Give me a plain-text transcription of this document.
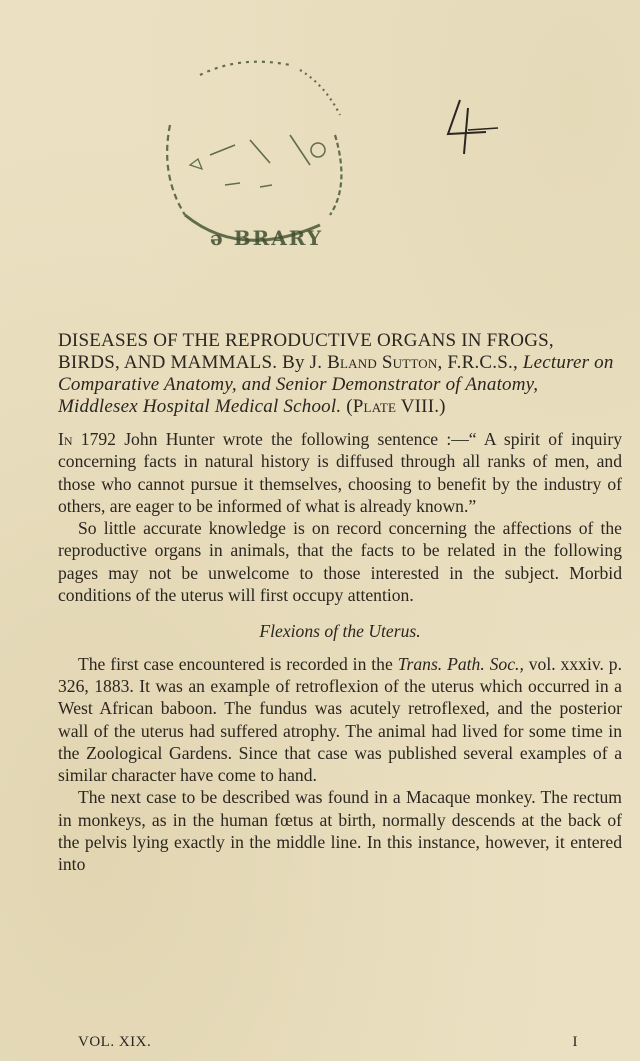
ǝ BRARY

DISEASES OF THE REPRODUCTIVE ORGANS IN FROGS, BIRDS, AND MAMMALS. By J. Bland Sutton, F.R.C.S., Lecturer on Comparative Anatomy, and Senior Demonstrator of Anatomy, Middlesex Hospital Medical School. (Plate VIII.)

In 1792 John Hunter wrote the following sentence :—“ A spirit of inquiry concerning facts in natural history is diffused through all ranks of men, and those who cannot pursue it themselves, choosing to benefit by the industry of others, are eager to be informed of what is already known.”

So little accurate knowledge is on record concerning the affections of the reproductive organs in animals, that the facts to be related in the following pages may not be unwelcome to those interested in the subject. Morbid conditions of the uterus will first occupy attention.

Flexions of the Uterus.

The first case encountered is recorded in the Trans. Path. Soc., vol. xxxiv. p. 326, 1883. It was an example of retroflexion of the uterus which occurred in a West African baboon. The fundus was acutely retroflexed, and the posterior wall of the uterus had suffered atrophy. The animal had lived for some time in the Zoological Gardens. Since that case was published several examples of a similar character have come to hand.

The next case to be described was found in a Macaque monkey. The rectum in monkeys, as in the human fœtus at birth, normally descends at the back of the pelvis lying exactly in the middle line. In this instance, however, it entered into

VOL. XIX.	I
